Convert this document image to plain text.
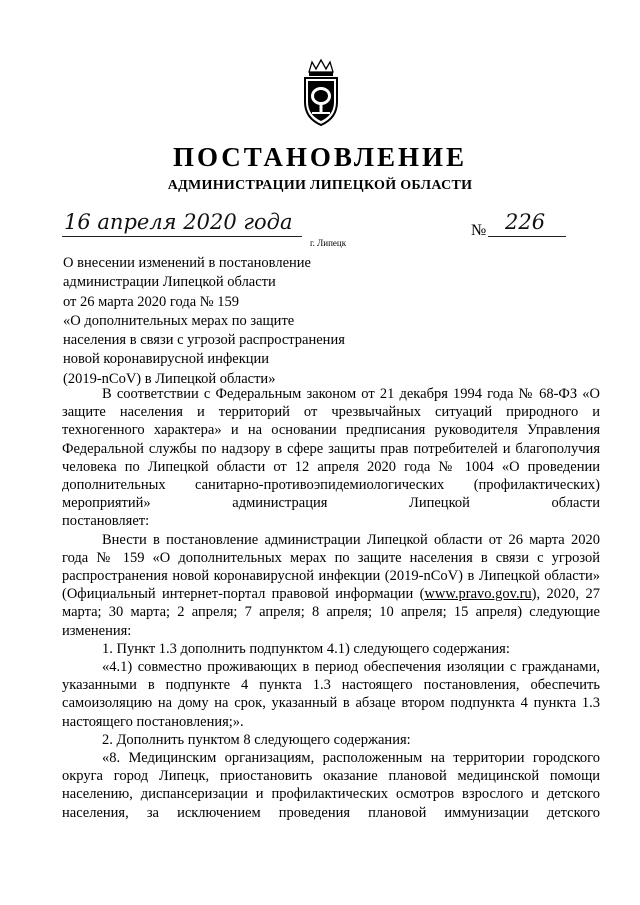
ПОСТАНОВЛЕНИЕ
АДМИНИСТРАЦИИ ЛИПЕЦКОЙ ОБЛАСТИ
16 апреля 2020 года
г. Липецк
№ 226
О внесении изменений в постановление
администрации Липецкой области
от 26 марта 2020 года № 159
«О дополнительных мерах по защите
населения в связи с угрозой распространения
новой коронавирусной инфекции
(2019-nCoV) в Липецкой области»

В соответствии с Федеральным законом от 21 декабря 1994 года № 68-ФЗ «О защите населения и территорий от чрезвычайных ситуаций природного и техногенного характера» и на основании предписания руководителя Управления Федеральной службы по надзору в сфере защиты прав потребителей и благополучия человека по Липецкой области от 12 апреля 2020 года № 1004 «О проведении дополнительных санитарно-противоэпидемиологических (профилактических) мероприятий» администрация Липецкой области

постановляет:

Внести в постановление администрации Липецкой области от 26 марта 2020 года № 159 «О дополнительных мерах по защите населения в связи с угрозой распространения новой коронавирусной инфекции (2019-nCoV) в Липецкой области» (Официальный интернет-портал правовой информации (www.pravo.gov.ru), 2020, 27 марта; 30 марта; 2 апреля; 7 апреля; 8 апреля; 10 апреля; 15 апреля) следующие изменения:

1. Пункт 1.3 дополнить подпунктом 4.1) следующего содержания:

«4.1) совместно проживающих в период обеспечения изоляции с гражданами, указанными в подпункте 4 пункта 1.3 настоящего постановления, обеспечить самоизоляцию на дому на срок, указанный в абзаце втором подпункта 4 пункта 1.3 настоящего постановления;».

2. Дополнить пунктом 8 следующего содержания:

«8. Медицинским организациям, расположенным на территории городского округа город Липецк, приостановить оказание плановой медицинской помощи населению, диспансеризации и профилактических осмотров взрослого и детского населения, за исключением проведения плановой иммунизации детского
